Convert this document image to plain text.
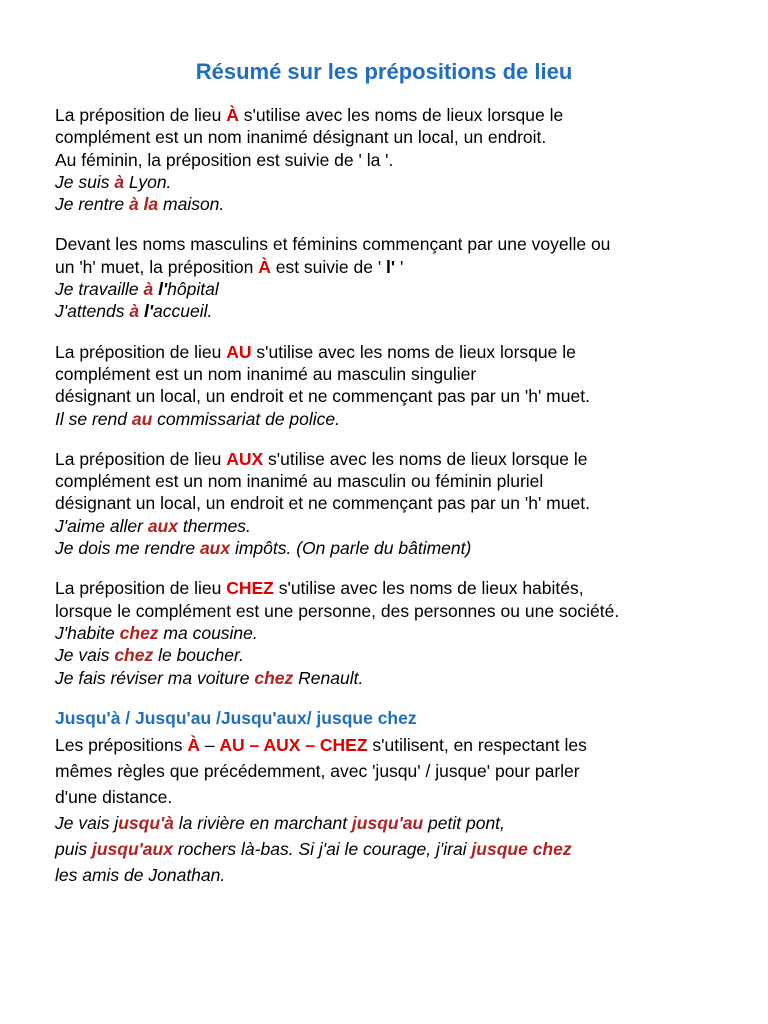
Résumé sur les prépositions de lieu
La préposition de lieu À s'utilise avec les noms de lieux lorsque le
complément est un nom inanimé désignant un local, un endroit.
Au féminin, la préposition est suivie de ' la '.
Je suis à Lyon.
Je rentre à la maison.
Devant les noms masculins et féminins commençant par une voyelle ou
un 'h' muet, la préposition À est suivie de ' l' '
Je travaille à l'hôpital
J'attends à l'accueil.
La préposition de lieu AU s'utilise avec les noms de lieux lorsque le
complément est un nom inanimé au masculin singulier
désignant un local, un endroit et ne commençant pas par un 'h' muet.
Il se rend au commissariat de police.
La préposition de lieu AUX s'utilise avec les noms de lieux lorsque le
complément est un nom inanimé au masculin ou féminin pluriel
désignant un local, un endroit et ne commençant pas par un 'h' muet.
J'aime aller aux thermes.
Je dois me rendre aux impôts. (On parle du bâtiment)
La préposition de lieu CHEZ s'utilise avec les noms de lieux habités,
lorsque le complément est une personne, des personnes ou une société.
J'habite chez ma cousine.
Je vais chez le boucher.
Je fais réviser ma voiture chez Renault.
Jusqu'à / Jusqu'au /Jusqu'aux/ jusque chez
Les prépositions À – AU – AUX – CHEZ s'utilisent, en respectant les
mêmes règles que précédemment, avec 'jusqu' / jusque' pour parler
d'une distance.
Je vais jusqu'à la rivière en marchant jusqu'au petit pont,
puis jusqu'aux rochers là-bas. Si j'ai le courage, j'irai jusque chez
les amis de Jonathan.
